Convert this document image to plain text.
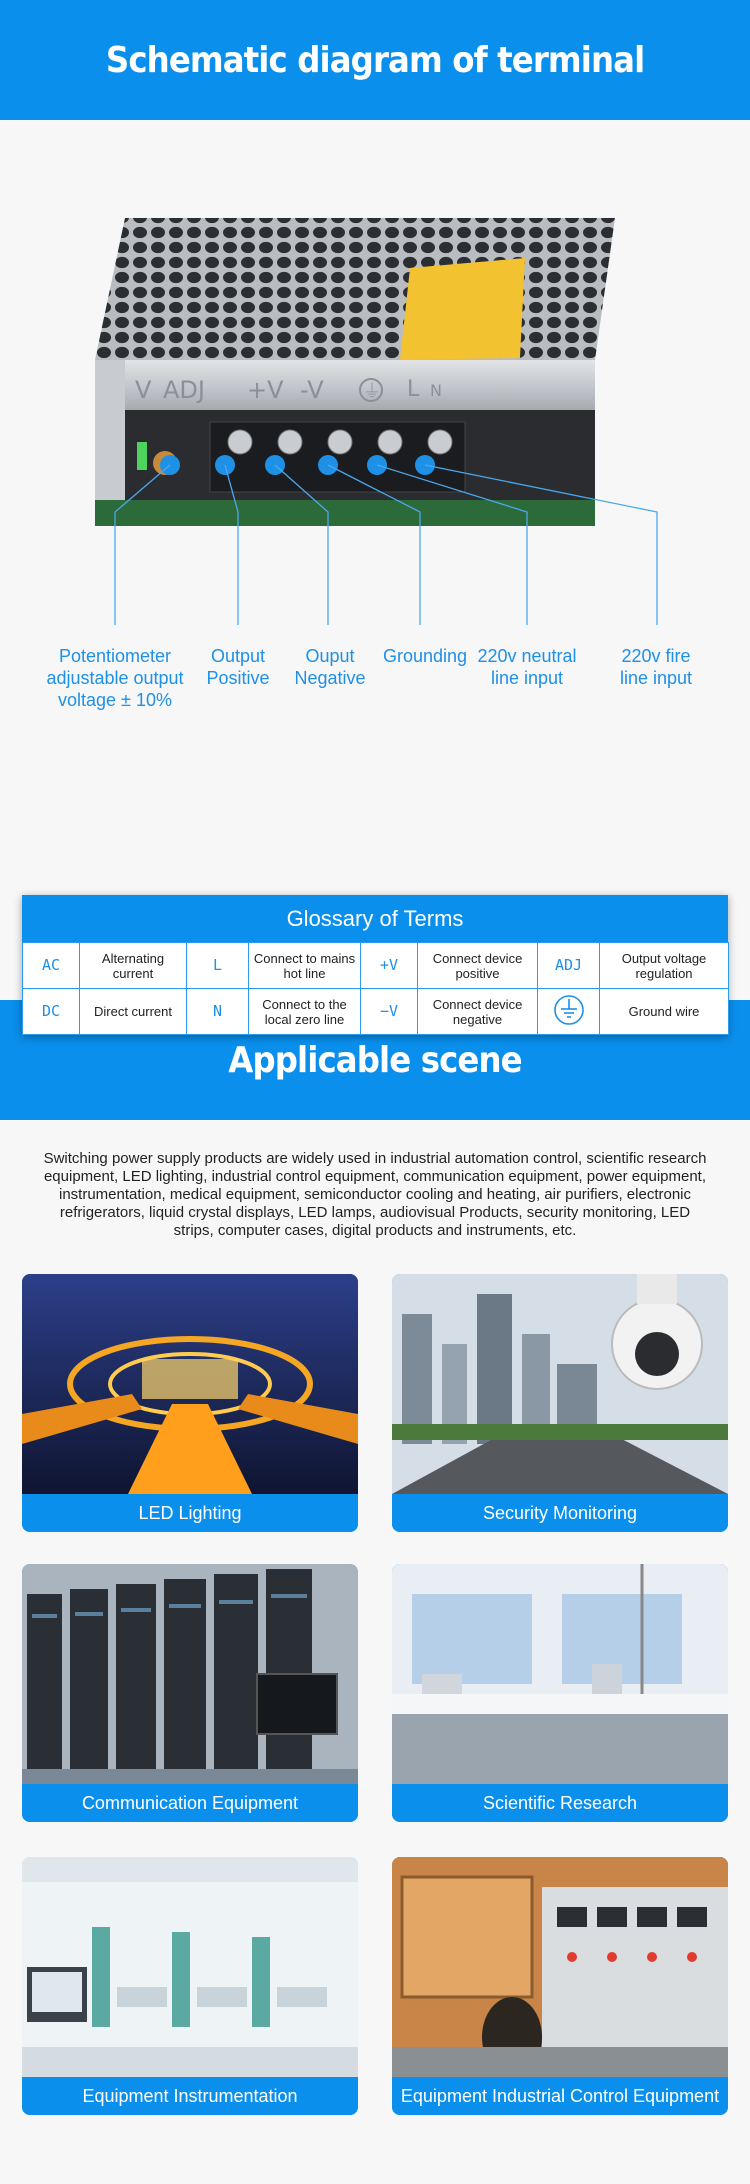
Schematic diagram of terminal
V ADJ +V -V ⏚ L N
Potentiometer adjustable output voltage ± 10%
Output Positive
Ouput Negative
Grounding 220v neutral line input
220v fire line input
Glossary of Terms
AC	Alternating current	L	Connect to mains hot line	+V	Connect device positive	ADJ	Output voltage regulation
DC	Direct current	N	Connect to the local zero line	−V	Connect device negative		Ground wire
Applicable scene

Switching power supply products are widely used in industrial automation control, scientific research equipment, LED lighting, industrial control equipment, communication equipment, power equipment, instrumentation, medical equipment, semiconductor cooling and heating, air purifiers, electronic refrigerators, liquid crystal displays, LED lamps, audiovisual Products, security monitoring, LED strips, computer cases, digital products and instruments, etc.

LED Lighting	Security Monitoring
Communication Equipment	Scientific Research
Equipment Instrumentation	Equipment Industrial Control Equipment
